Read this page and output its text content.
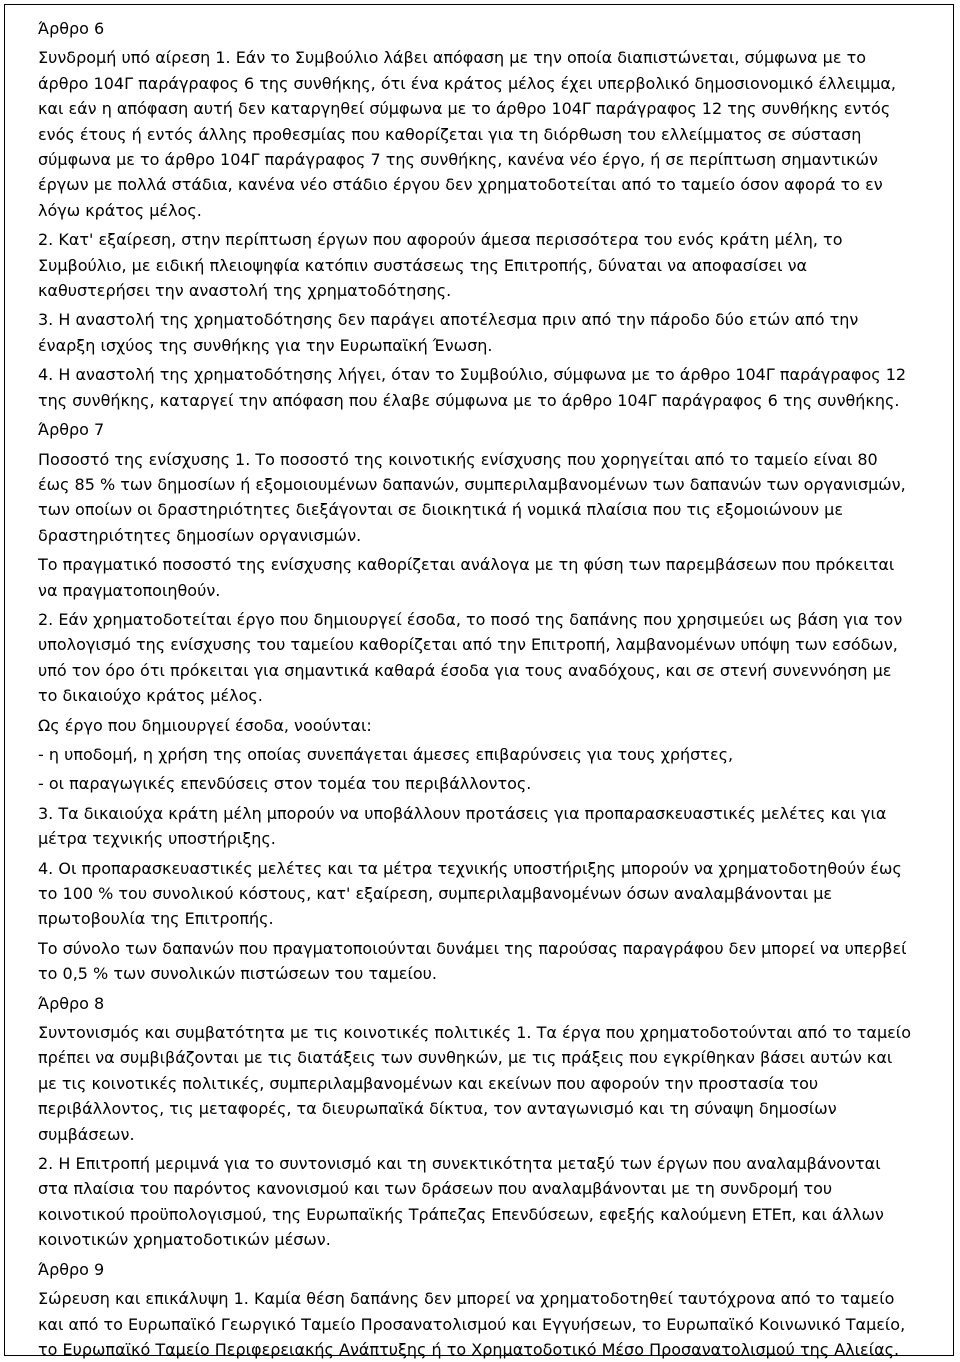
Άρθρο 6

Συνδρομή υπό αίρεση 1. Εάν το Συμβούλιο λάβει απόφαση με την οποία διαπιστώνεται, σύμφωνα με το άρθρο 104Γ παράγραφος 6 της συνθήκης, ότι ένα κράτος μέλος έχει υπερβολικό δημοσιονομικό έλλειμμα, και εάν η απόφαση αυτή δεν καταργηθεί σύμφωνα με το άρθρο 104Γ παράγραφος 12 της συνθήκης εντός ενός έτους ή εντός άλλης προθεσμίας που καθορίζεται για τη διόρθωση του ελλείμματος σε σύσταση σύμφωνα με το άρθρο 104Γ παράγραφος 7 της συνθήκης, κανένα νέο έργο, ή σε περίπτωση σημαντικών έργων με πολλά στάδια, κανένα νέο στάδιο έργου δεν χρηματοδοτείται από το ταμείο όσον αφορά το εν λόγω κράτος μέλος.

2. Κατ' εξαίρεση, στην περίπτωση έργων που αφορούν άμεσα περισσότερα του ενός κράτη μέλη, το Συμβούλιο, με ειδική πλειοψηφία κατόπιν συστάσεως της Επιτροπής, δύναται να αποφασίσει να καθυστερήσει την αναστολή της χρηματοδότησης.

3. Η αναστολή της χρηματοδότησης δεν παράγει αποτέλεσμα πριν από την πάροδο δύο ετών από την έναρξη ισχύος της συνθήκης για την Ευρωπαϊκή Ένωση.

4. Η αναστολή της χρηματοδότησης λήγει, όταν το Συμβούλιο, σύμφωνα με το άρθρο 104Γ παράγραφος 12 της συνθήκης, καταργεί την απόφαση που έλαβε σύμφωνα με το άρθρο 104Γ παράγραφος 6 της συνθήκης.

Άρθρο 7

Ποσοστό της ενίσχυσης 1. Το ποσοστό της κοινοτικής ενίσχυσης που χορηγείται από το ταμείο είναι 80 έως 85 % των δημοσίων ή εξομοιουμένων δαπανών, συμπεριλαμβανομένων των δαπανών των οργανισμών, των οποίων οι δραστηριότητες διεξάγονται σε διοικητικά ή νομικά πλαίσια που τις εξομοιώνουν με δραστηριότητες δημοσίων οργανισμών.

Το πραγματικό ποσοστό της ενίσχυσης καθορίζεται ανάλογα με τη φύση των παρεμβάσεων που πρόκειται να πραγματοποιηθούν.

2. Εάν χρηματοδοτείται έργο που δημιουργεί έσοδα, το ποσό της δαπάνης που χρησιμεύει ως βάση για τον υπολογισμό της ενίσχυσης του ταμείου καθορίζεται από την Επιτροπή, λαμβανομένων υπόψη των εσόδων, υπό τον όρο ότι πρόκειται για σημαντικά καθαρά έσοδα για τους αναδόχους, και σε στενή συνεννόηση με το δικαιούχο κράτος μέλος.

Ως έργο που δημιουργεί έσοδα, νοούνται:

- η υποδομή, η χρήση της οποίας συνεπάγεται άμεσες επιβαρύνσεις για τους χρήστες,

- οι παραγωγικές επενδύσεις στον τομέα του περιβάλλοντος.

3. Τα δικαιούχα κράτη μέλη μπορούν να υποβάλλουν προτάσεις για προπαρασκευαστικές μελέτες και για μέτρα τεχνικής υποστήριξης.

4. Οι προπαρασκευαστικές μελέτες και τα μέτρα τεχνικής υποστήριξης μπορούν να χρηματοδοτηθούν έως το 100 % του συνολικού κόστους, κατ' εξαίρεση, συμπεριλαμβανομένων όσων αναλαμβάνονται με πρωτοβουλία της Επιτροπής.

Το σύνολο των δαπανών που πραγματοποιούνται δυνάμει της παρούσας παραγράφου δεν μπορεί να υπερβεί το 0,5 % των συνολικών πιστώσεων του ταμείου.

Άρθρο 8

Συντονισμός και συμβατότητα με τις κοινοτικές πολιτικές 1. Τα έργα που χρηματοδοτούνται από το ταμείο πρέπει να συμβιβάζονται με τις διατάξεις των συνθηκών, με τις πράξεις που εγκρίθηκαν βάσει αυτών και με τις κοινοτικές πολιτικές, συμπεριλαμβανομένων και εκείνων που αφορούν την προστασία του περιβάλλοντος, τις μεταφορές, τα διευρωπαϊκά δίκτυα, τον ανταγωνισμό και τη σύναψη δημοσίων συμβάσεων.

2. Η Επιτροπή μεριμνά για το συντονισμό και τη συνεκτικότητα μεταξύ των έργων που αναλαμβάνονται στα πλαίσια του παρόντος κανονισμού και των δράσεων που αναλαμβάνονται με τη συνδρομή του κοινοτικού προϋπολογισμού, της Ευρωπαϊκής Τράπεζας Επενδύσεων, εφεξής καλούμενη ΕΤΕπ, και άλλων κοινοτικών χρηματοδοτικών μέσων.

Άρθρο 9

Σώρευση και επικάλυψη 1. Καμία θέση δαπάνης δεν μπορεί να χρηματοδοτηθεί ταυτόχρονα από το ταμείο και από το Ευρωπαϊκό Γεωργικό Ταμείο Προσανατολισμού και Εγγυήσεων, το Ευρωπαϊκό Κοινωνικό Ταμείο, το Ευρωπαϊκό Ταμείο Περιφερειακής Ανάπτυξης ή το Χρηματοδοτικό Μέσο Προσανατολισμού της Αλιείας.
